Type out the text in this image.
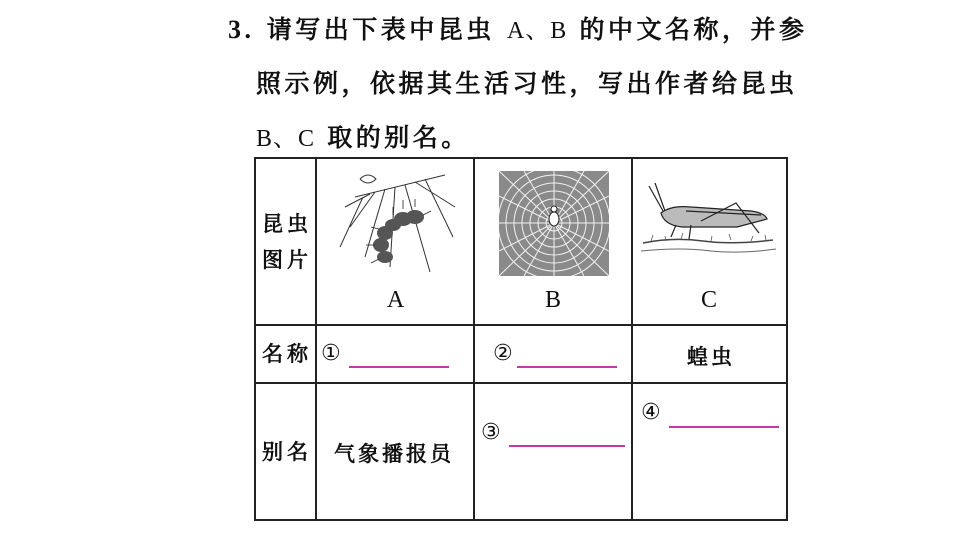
3. 请写出下表中昆虫 A、B 的中文名称，并参
照示例，依据其生活习性，写出作者给昆虫
B、C 取的别名。
昆虫
图片	A	B	C

名称	①	②	蝗虫

别名	气象播报员	③	④
